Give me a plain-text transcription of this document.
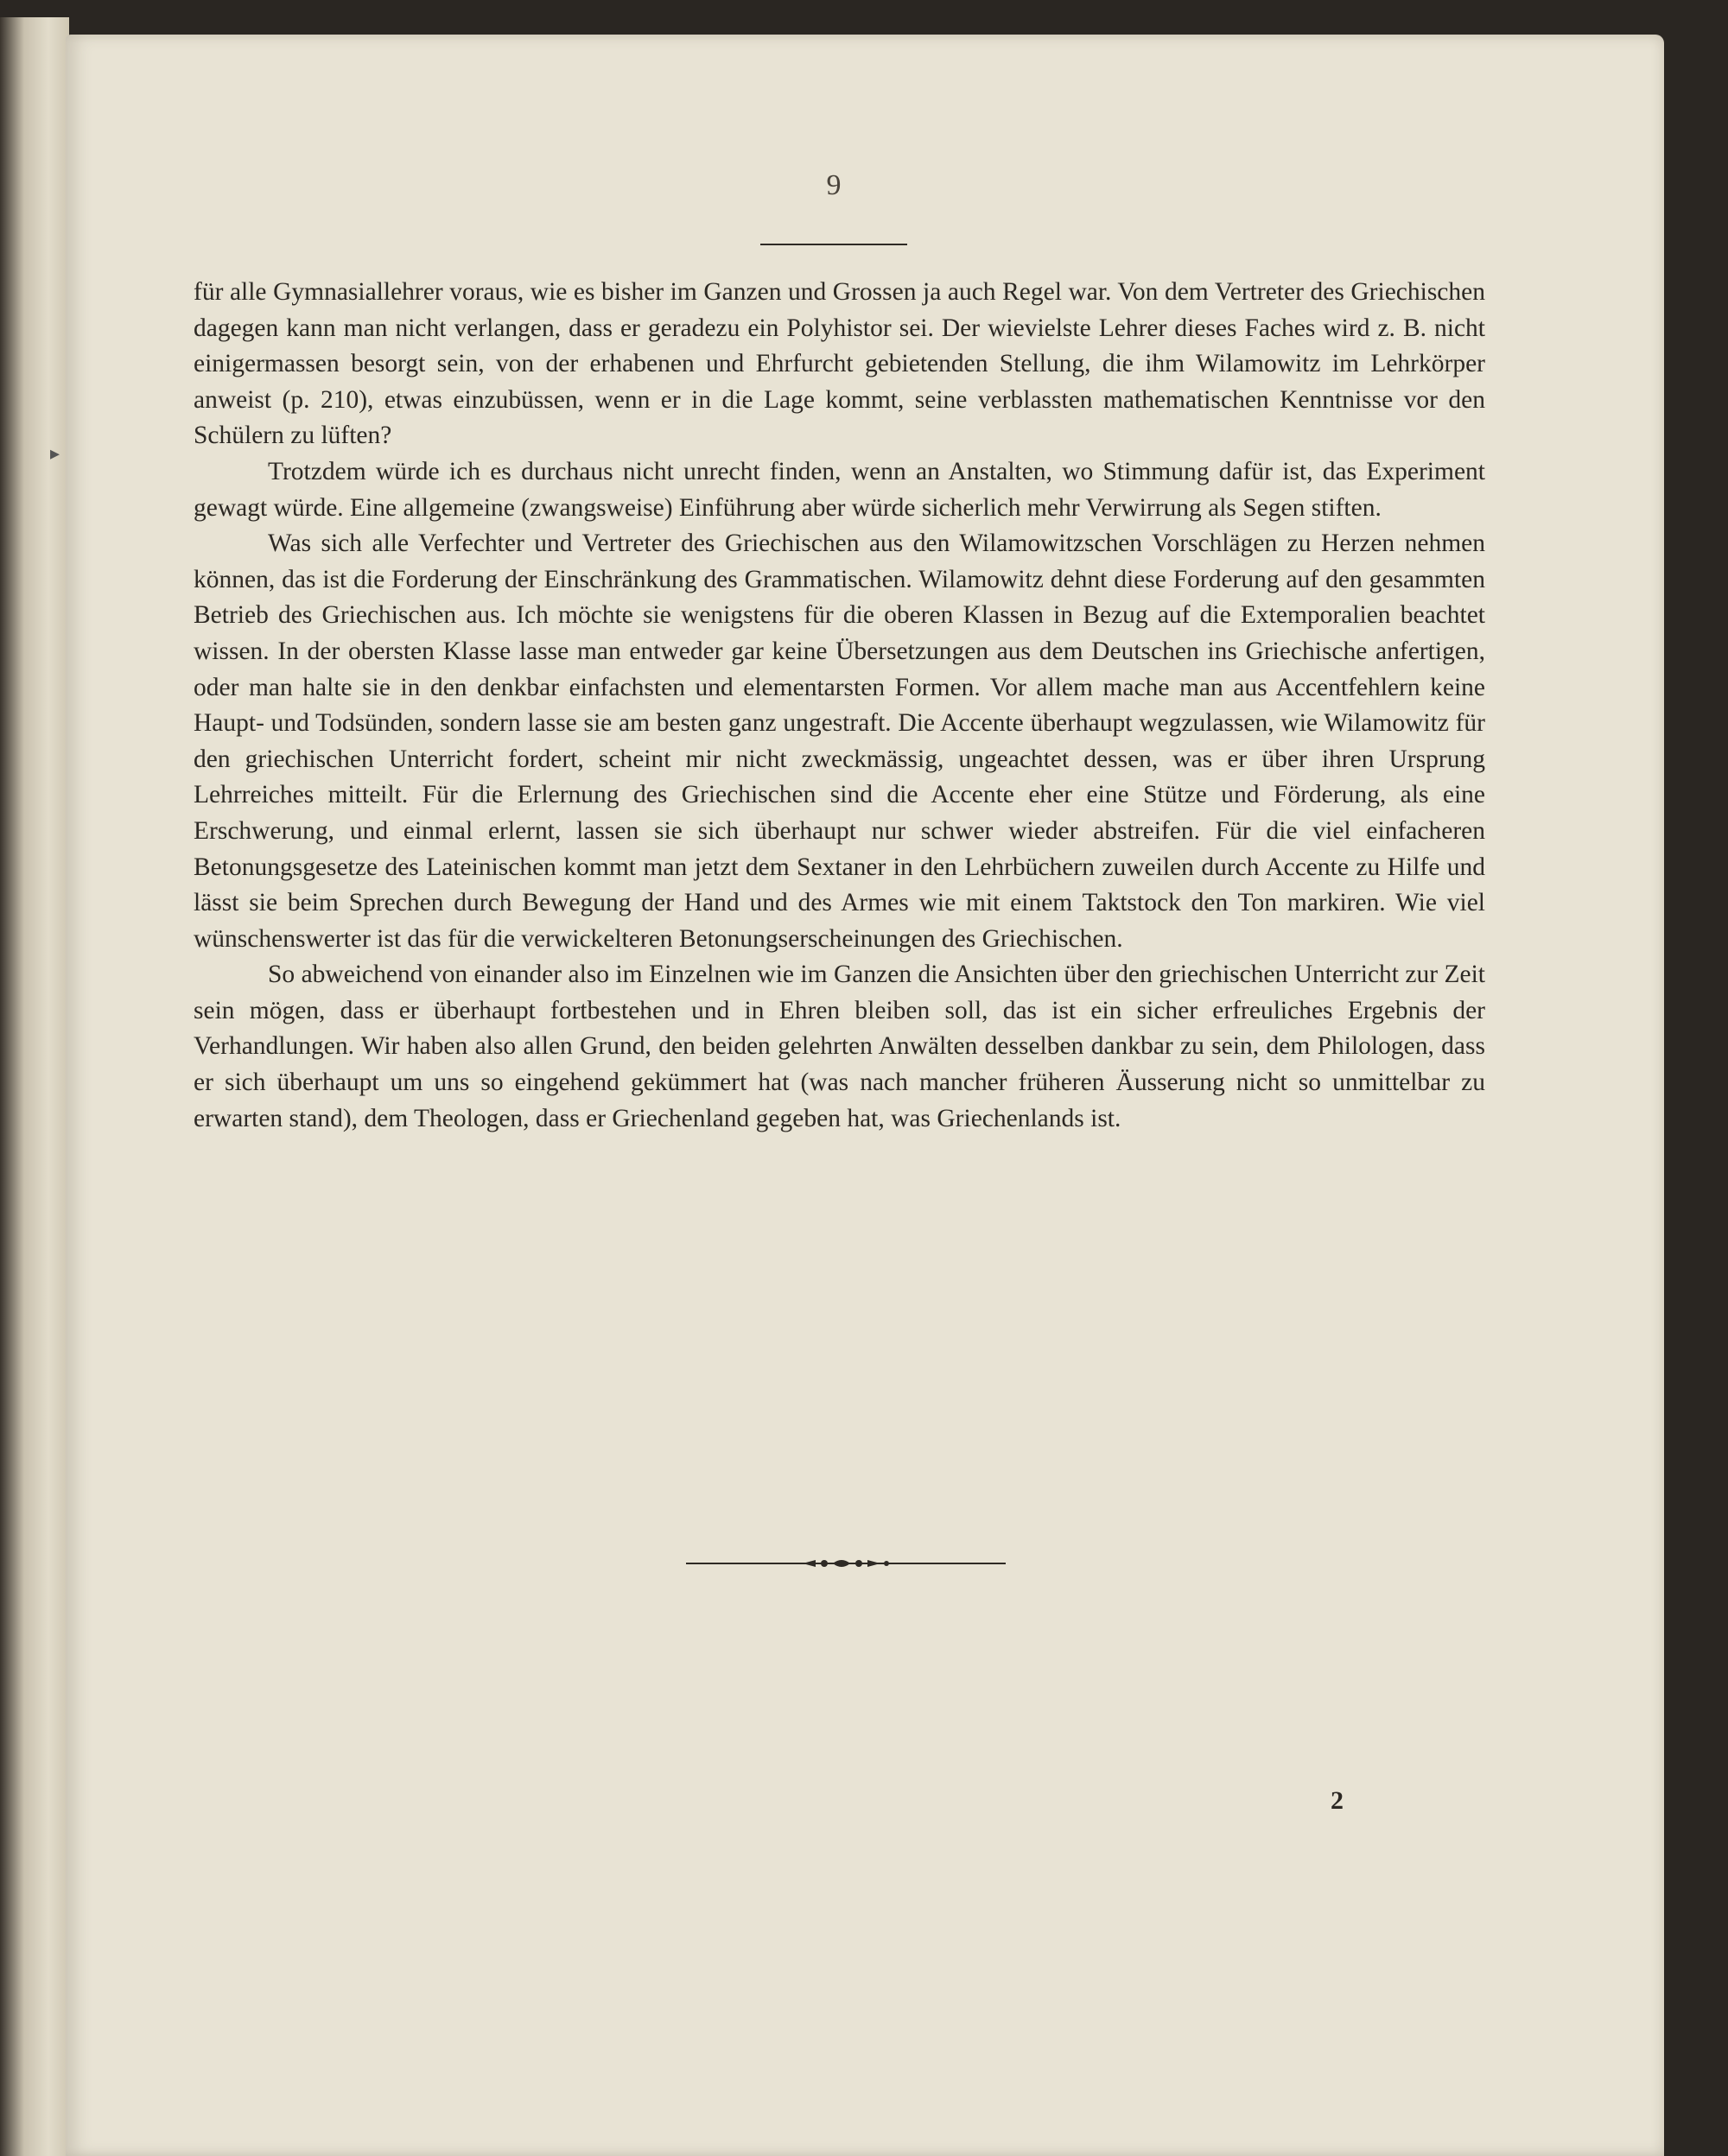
▸

9

für alle Gymnasiallehrer voraus, wie es bisher im Ganzen und Grossen ja auch Regel war. Von dem Vertreter des Griechischen dagegen kann man nicht verlangen, dass er geradezu ein Polyhistor sei. Der wievielste Lehrer dieses Faches wird z. B. nicht einigermassen besorgt sein, von der erhabenen und Ehrfurcht gebietenden Stellung, die ihm Wilamowitz im Lehrkörper anweist (p. 210), etwas einzubüssen, wenn er in die Lage kommt, seine verblassten mathematischen Kenntnisse vor den Schülern zu lüften?

Trotzdem würde ich es durchaus nicht unrecht finden, wenn an Anstalten, wo Stimmung dafür ist, das Experiment gewagt würde. Eine allgemeine (zwangsweise) Einführung aber würde sicherlich mehr Verwirrung als Segen stiften.

Was sich alle Verfechter und Vertreter des Griechischen aus den Wilamowitzschen Vorschlägen zu Herzen nehmen können, das ist die Forderung der Einschränkung des Grammatischen. Wilamowitz dehnt diese Forderung auf den gesammten Betrieb des Griechischen aus. Ich möchte sie wenigstens für die oberen Klassen in Bezug auf die Extemporalien beachtet wissen. In der obersten Klasse lasse man entweder gar keine Übersetzungen aus dem Deutschen ins Griechische anfertigen, oder man halte sie in den denkbar einfachsten und elementarsten Formen. Vor allem mache man aus Accentfehlern keine Haupt- und Todsünden, sondern lasse sie am besten ganz ungestraft. Die Accente überhaupt wegzulassen, wie Wilamowitz für den griechischen Unterricht fordert, scheint mir nicht zweckmässig, ungeachtet dessen, was er über ihren Ursprung Lehrreiches mitteilt. Für die Erlernung des Griechischen sind die Accente eher eine Stütze und Förderung, als eine Erschwerung, und einmal erlernt, lassen sie sich überhaupt nur schwer wieder abstreifen. Für die viel einfacheren Betonungsgesetze des Lateinischen kommt man jetzt dem Sextaner in den Lehrbüchern zuweilen durch Accente zu Hilfe und lässt sie beim Sprechen durch Bewegung der Hand und des Armes wie mit einem Taktstock den Ton markiren. Wie viel wünschenswerter ist das für die verwickelteren Betonungserscheinungen des Griechischen.

So abweichend von einander also im Einzelnen wie im Ganzen die Ansichten über den griechischen Unterricht zur Zeit sein mögen, dass er überhaupt fortbestehen und in Ehren bleiben soll, das ist ein sicher erfreuliches Ergebnis der Verhandlungen. Wir haben also allen Grund, den beiden gelehrten Anwälten desselben dankbar zu sein, dem Philologen, dass er sich überhaupt um uns so eingehend gekümmert hat (was nach mancher früheren Äusserung nicht so unmittelbar zu erwarten stand), dem Theologen, dass er Griechenland gegeben hat, was Griechenlands ist.

2
